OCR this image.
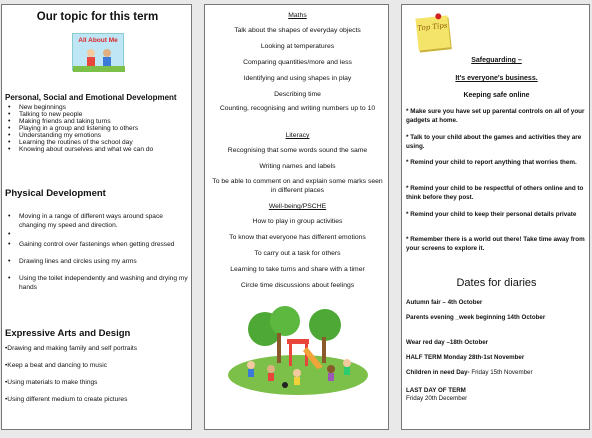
Our topic for this term
All About Me
Personal, Social and Emotional Development
• New beginnings
• Talking to new people
• Making friends and taking turns
• Playing in a group and listening to others
• Understanding my emotions
• Learning the routines of the school day
• Knowing about ourselves and what we can do
Physical Development
• Moving in a range of different ways around space changing my speed and direction.
•
• Gaining control over fastenings when getting dressed
• Drawing lines and circles using my arms
• Using the toilet independently and washing and drying my hands
Expressive Arts and Design
•Drawing and making family and self portraits
•Keep a beat and dancing to music
•Using materials to make things
•Using different medium to create pictures
Maths
Talk about the shapes of everyday objects
Looking at temperatures
Comparing quantities/more and less
Identifying and using shapes in play
Describing time
Counting, recognising and writing numbers up to 10
Literacy
Recognising that some words sound the same
Writing names and labels
To be able to comment on and explain some marks seen in different places
Well-being/PSCHE
How to play in group activities
To know that everyone has different emotions
To carry out a task for others
Learning to take turns and share with a timer
Circle time discussions about feelings
Top Tips
Safeguarding –
It's everyone's business.
Keeping safe online
* Make sure you have set up parental controls on all of your gadgets at home.
* Talk to your child about the games and activities they are using.
* Remind your child to report anything that worries them.
* Remind your child to be respectful of others online and to think before they post.
* Remind your child to keep their personal details private
* Remember there is a world out there! Take time away from your screens to explore it.
Dates for diaries
Autumn fair – 4th October
Parents evening _week beginning 14th October
Wear red day –18th October
HALF TERM Monday 28th-1st November
Children in need Day- Friday 15th November
LAST DAY OF TERM
Friday 20th December
